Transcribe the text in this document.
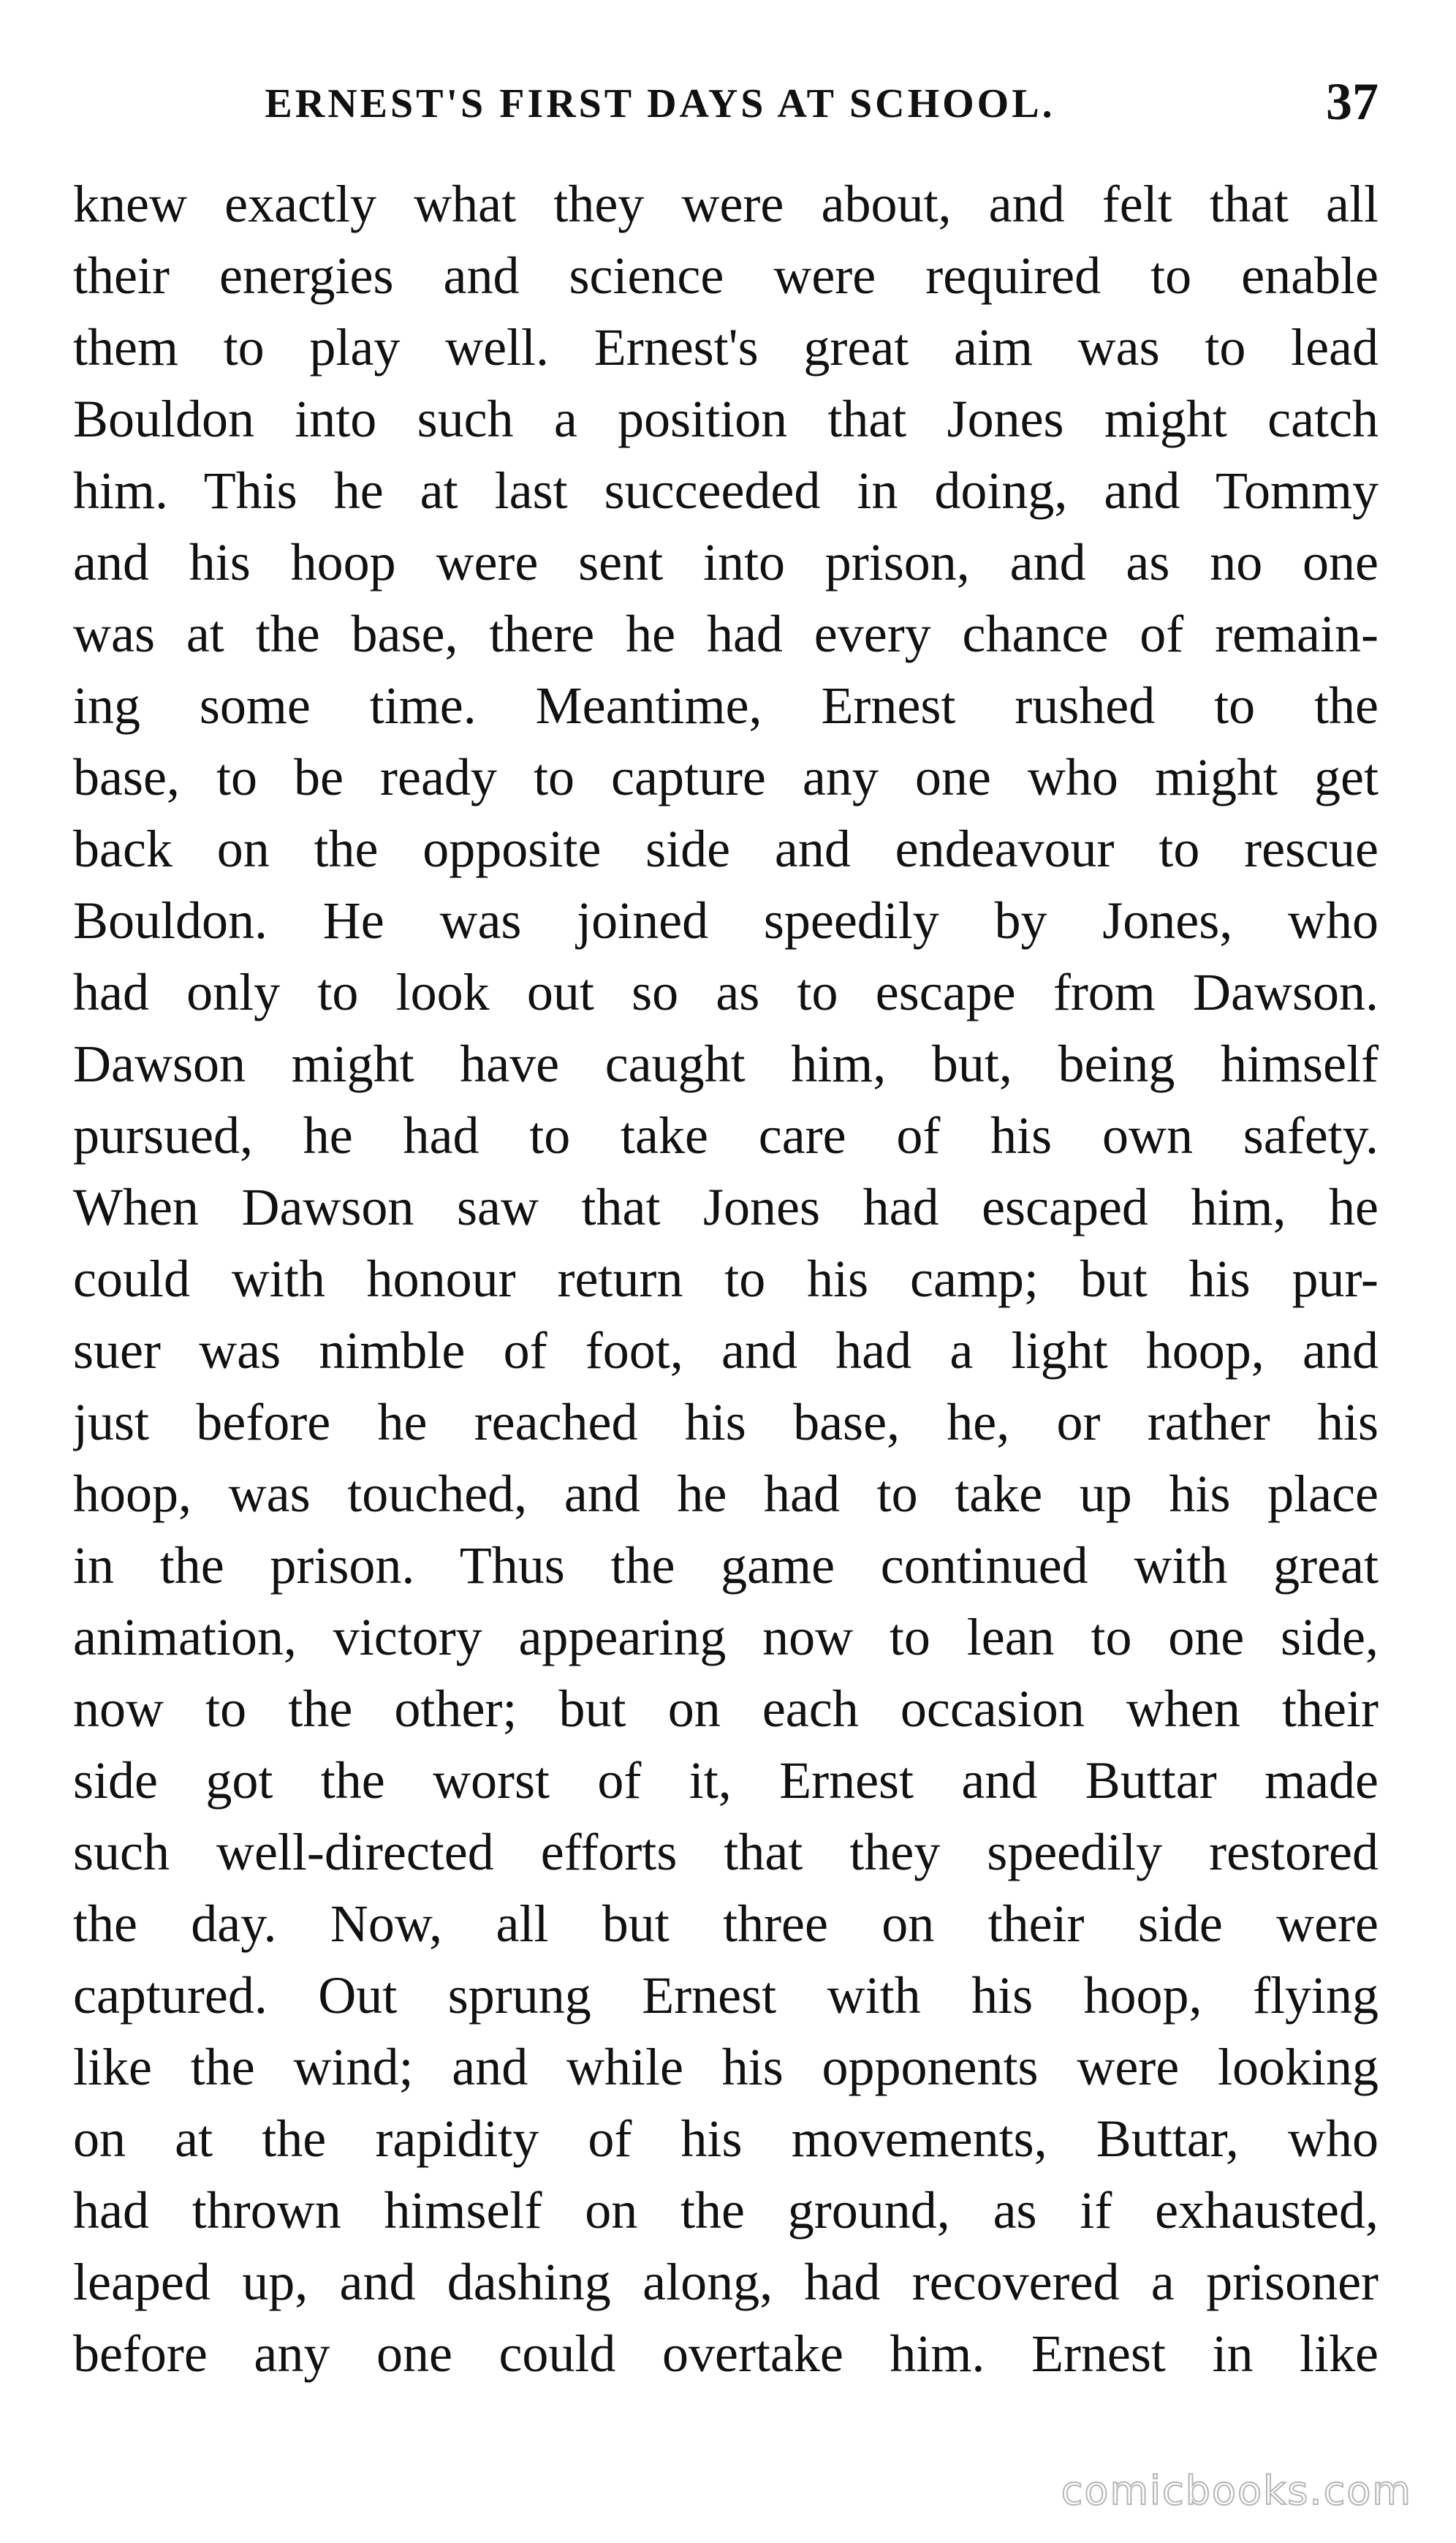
ERNEST'S FIRST DAYS AT SCHOOL.	37
knew exactly what they were about, and felt that all
their energies and science were required to enable
them to play well. Ernest's great aim was to lead
Bouldon into such a position that Jones might catch
him. This he at last succeeded in doing, and Tommy
and his hoop were sent into prison, and as no one
was at the base, there he had every chance of remain-
ing some time. Meantime, Ernest rushed to the
base, to be ready to capture any one who might get
back on the opposite side and endeavour to rescue
Bouldon. He was joined speedily by Jones, who
had only to look out so as to escape from Dawson.
Dawson might have caught him, but, being himself
pursued, he had to take care of his own safety.
When Dawson saw that Jones had escaped him, he
could with honour return to his camp; but his pur-
suer was nimble of foot, and had a light hoop, and
just before he reached his base, he, or rather his
hoop, was touched, and he had to take up his place
in the prison. Thus the game continued with great
animation, victory appearing now to lean to one side,
now to the other; but on each occasion when their
side got the worst of it, Ernest and Buttar made
such well-directed efforts that they speedily restored
the day. Now, all but three on their side were
captured. Out sprung Ernest with his hoop, flying
like the wind; and while his opponents were looking
on at the rapidity of his movements, Buttar, who
had thrown himself on the ground, as if exhausted,
leaped up, and dashing along, had recovered a prisoner
before any one could overtake him. Ernest in like
comicbooks.com
